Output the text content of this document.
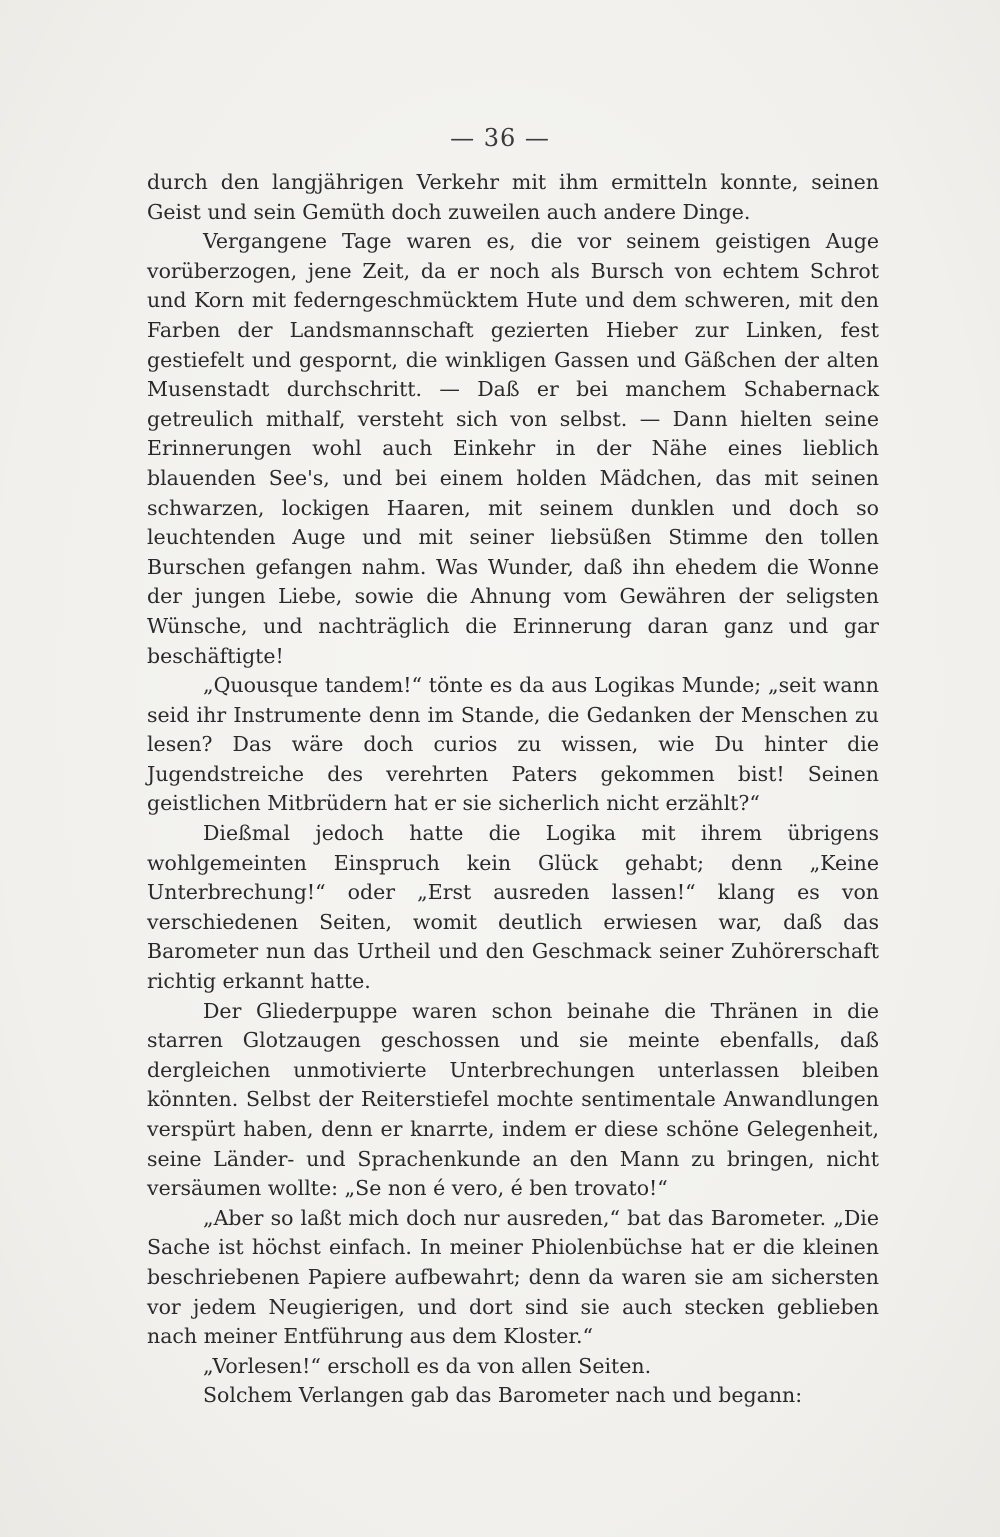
— 36 —

durch den langjährigen Verkehr mit ihm ermitteln konnte, seinen Geist und sein Gemüth doch zuweilen auch andere Dinge.

Vergangene Tage waren es, die vor seinem geistigen Auge vorüberzogen, jene Zeit, da er noch als Bursch von echtem Schrot und Korn mit federngeschmücktem Hute und dem schweren, mit den Farben der Landsmannschaft gezierten Hieber zur Linken, fest gestiefelt und gespornt, die winkligen Gassen und Gäßchen der alten Musenstadt durchschritt. — Daß er bei manchem Schabernack getreulich mithalf, versteht sich von selbst. — Dann hielten seine Erinnerungen wohl auch Einkehr in der Nähe eines lieblich blauenden See's, und bei einem holden Mädchen, das mit seinen schwarzen, lockigen Haaren, mit seinem dunklen und doch so leuchtenden Auge und mit seiner liebsüßen Stimme den tollen Burschen gefangen nahm. Was Wunder, daß ihn ehedem die Wonne der jungen Liebe, sowie die Ahnung vom Gewähren der seligsten Wünsche, und nachträglich die Erinnerung daran ganz und gar beschäftigte!

„Quousque tandem!“ tönte es da aus Logikas Munde; „seit wann seid ihr Instrumente denn im Stande, die Gedanken der Menschen zu lesen? Das wäre doch curios zu wissen, wie Du hinter die Jugendstreiche des verehrten Paters gekommen bist! Seinen geistlichen Mitbrüdern hat er sie sicherlich nicht erzählt?“

Dießmal jedoch hatte die Logika mit ihrem übrigens wohlgemeinten Einspruch kein Glück gehabt; denn „Keine Unterbrechung!“ oder „Erst ausreden lassen!“ klang es von verschiedenen Seiten, womit deutlich erwiesen war, daß das Barometer nun das Urtheil und den Geschmack seiner Zuhörerschaft richtig erkannt hatte.

Der Gliederpuppe waren schon beinahe die Thränen in die starren Glotzaugen geschossen und sie meinte ebenfalls, daß dergleichen unmotivierte Unterbrechungen unterlassen bleiben könnten. Selbst der Reiterstiefel mochte sentimentale Anwandlungen verspürt haben, denn er knarrte, indem er diese schöne Gelegenheit, seine Länder- und Sprachenkunde an den Mann zu bringen, nicht versäumen wollte: „Se non é vero, é ben trovato!“

„Aber so laßt mich doch nur ausreden,“ bat das Barometer. „Die Sache ist höchst einfach. In meiner Phiolenbüchse hat er die kleinen beschriebenen Papiere aufbewahrt; denn da waren sie am sichersten vor jedem Neugierigen, und dort sind sie auch stecken geblieben nach meiner Entführung aus dem Kloster.“

„Vorlesen!“ erscholl es da von allen Seiten.

Solchem Verlangen gab das Barometer nach und begann:
